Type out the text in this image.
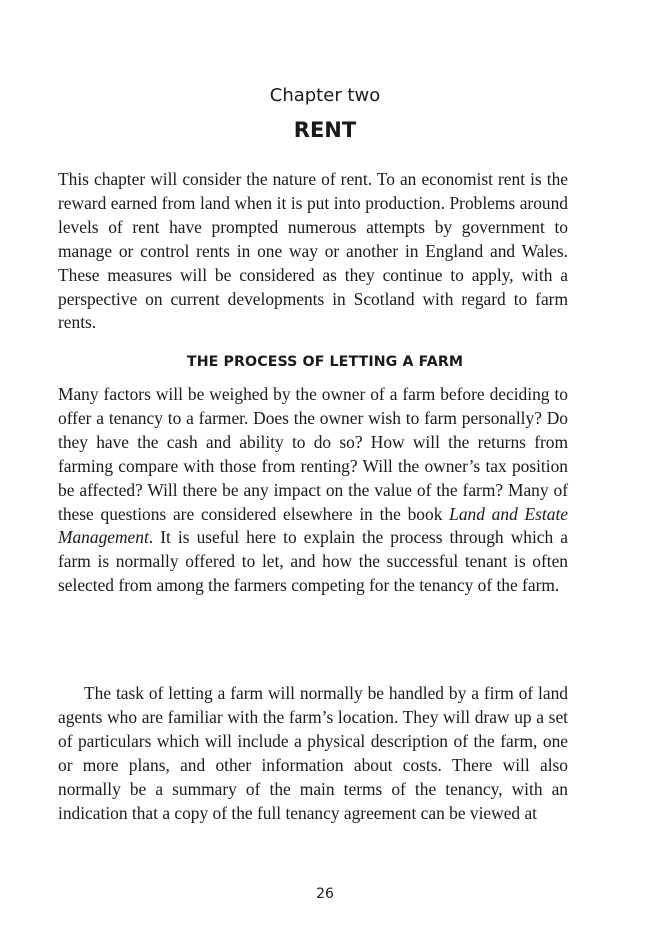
Chapter two
RENT

This chapter will consider the nature of rent. To an economist rent is the reward earned from land when it is put into production. Problems around levels of rent have prompted numerous attempts by government to manage or control rents in one way or another in England and Wales. These measures will be considered as they continue to apply, with a perspective on current developments in Scotland with regard to farm rents.

THE PROCESS OF LETTING A FARM

Many factors will be weighed by the owner of a farm before deciding to offer a tenancy to a farmer. Does the owner wish to farm personally? Do they have the cash and ability to do so? How will the returns from farming compare with those from renting? Will the owner’s tax position be affected? Will there be any impact on the value of the farm? Many of these questions are considered elsewhere in the book Land and Estate Management. It is useful here to explain the process through which a farm is normally offered to let, and how the successful tenant is often selected from among the farmers competing for the tenancy of the farm.

The task of letting a farm will normally be handled by a firm of land agents who are familiar with the farm’s location. They will draw up a set of particulars which will include a physical description of the farm, one or more plans, and other information about costs. There will also normally be a summary of the main terms of the tenancy, with an indication that a copy of the full tenancy agreement can be viewed at

26
